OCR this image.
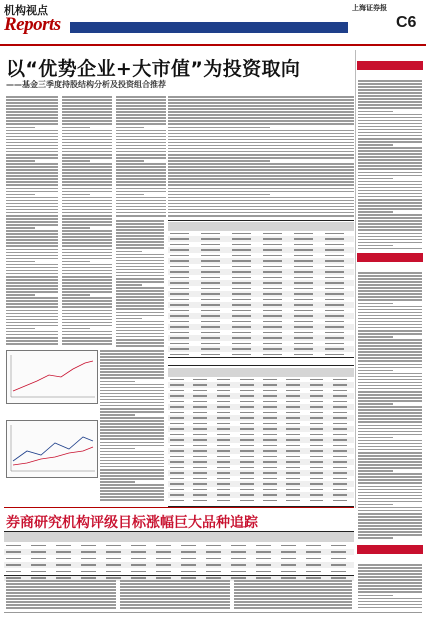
机构视点
Reports
上海证券报
C6
以“优势企业+大市值”为投资取向
——基金三季度持股结构分析及投资组合推荐
券商研究机构评级目标涨幅巨大品种追踪
